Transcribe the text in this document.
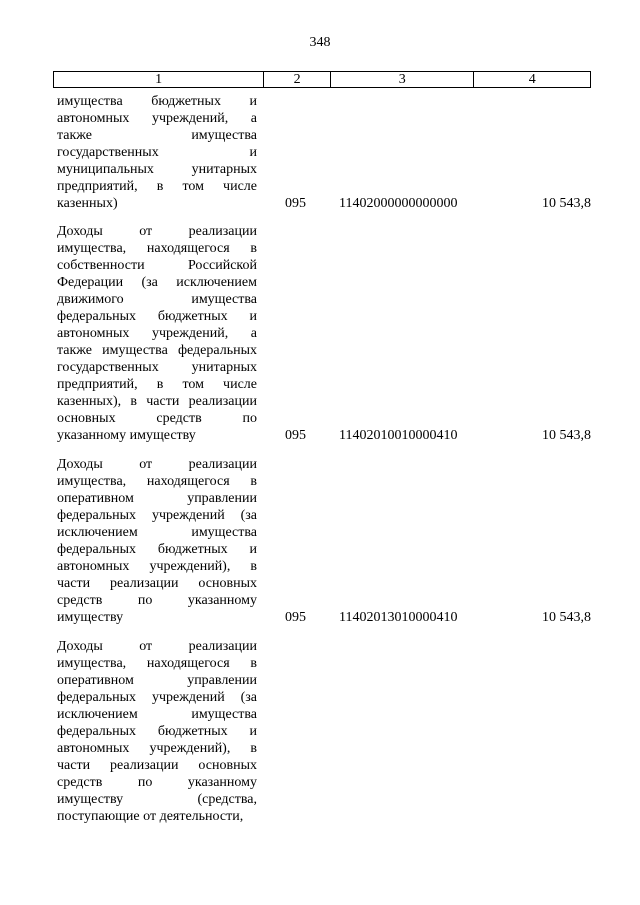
348
1	2	3	4
имущества бюджетных и
автономных учреждений, а
также имущества
государственных и
муниципальных унитарных
предприятий, в том числе
казенных)	095 11402000000000000	10 543,8
Доходы от реализации
имущества, находящегося в
собственности Российской
Федерации (за исключением
движимого имущества
федеральных бюджетных и
автономных учреждений, а
также имущества федеральных
государственных унитарных
предприятий, в том числе
казенных), в части реализации
основных средств по
указанному имуществу	095 11402010010000410	10 543,8
Доходы от реализации
имущества, находящегося в
оперативном управлении
федеральных учреждений (за
исключением имущества
федеральных бюджетных и
автономных учреждений), в
части реализации основных
средств по указанному
имуществу	095 11402013010000410	10 543,8
Доходы от реализации
имущества, находящегося в
оперативном управлении
федеральных учреждений (за
исключением имущества
федеральных бюджетных и
автономных учреждений), в
части реализации основных
средств по указанному
имуществу (средства,
поступающие от деятельности,
